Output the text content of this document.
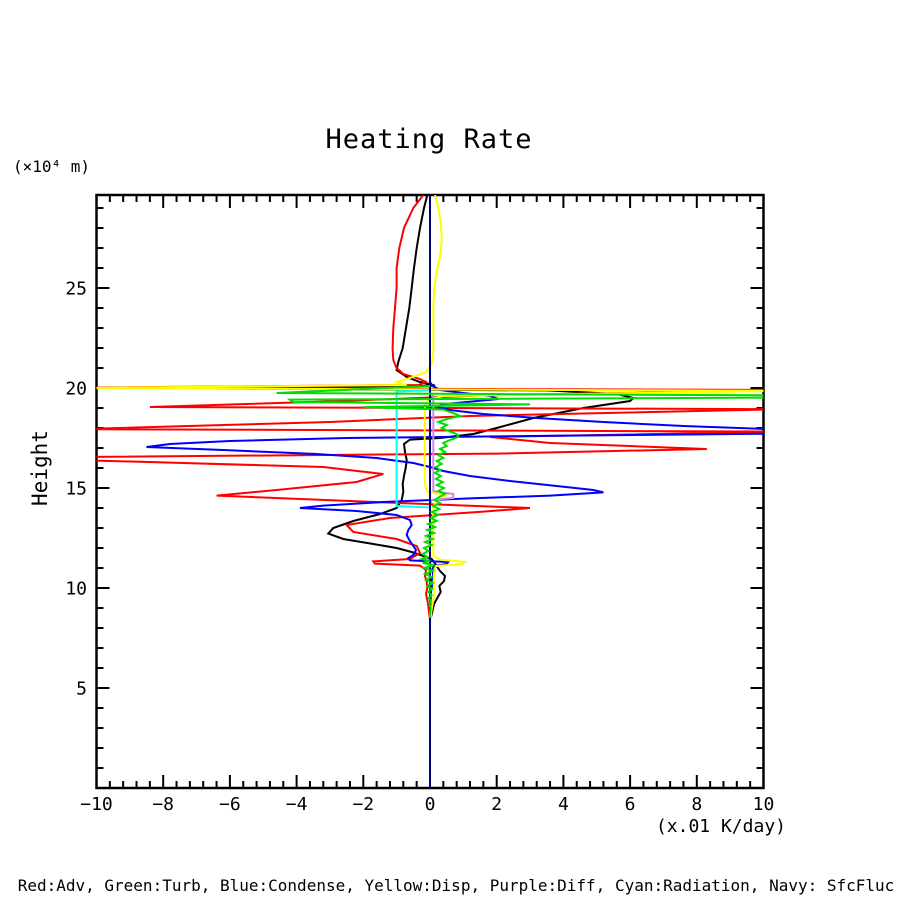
−10 −8	−6	−4	−2	0	2	4	6	8	10
5
10
15
20
25
Heating Rate
(×10⁴ m)
Height
(x.01 K/day)
Red:Adv, Green:Turb, Blue:Condense, Yellow:Disp, Purple:Diff, Cyan:Radiation, Navy: SfcFluc
